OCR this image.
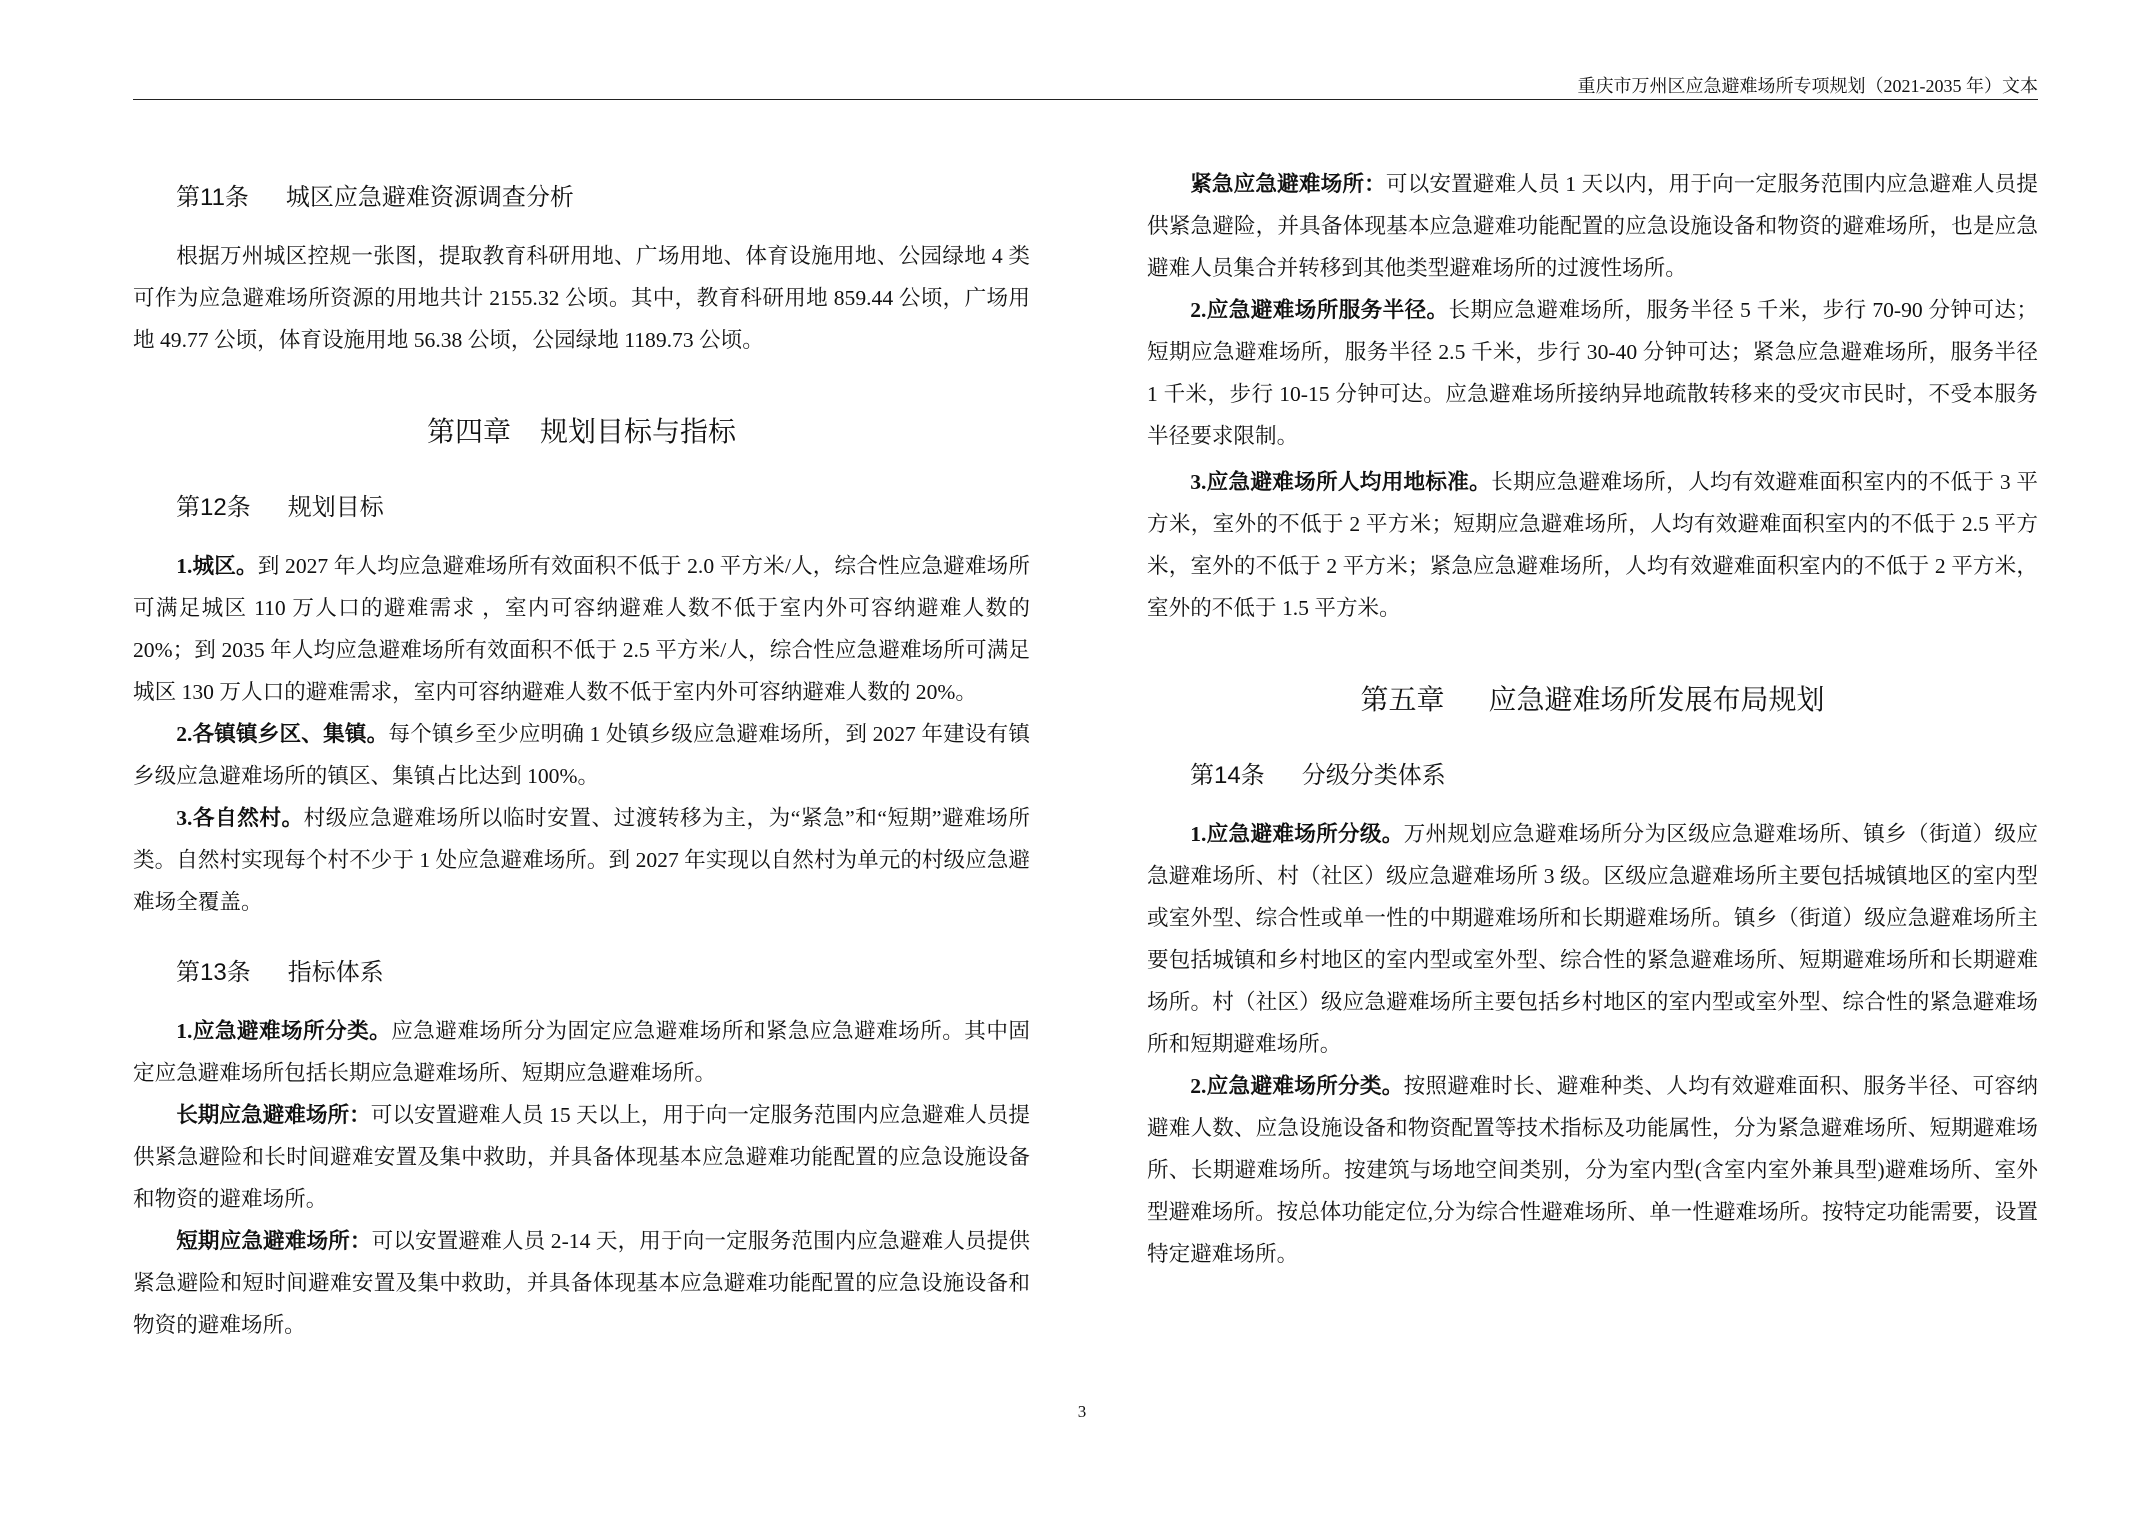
重庆市万州区应急避难场所专项规划（2021-2035 年）文本
第11条 城区应急避难资源调查分析

根据万州城区控规一张图，提取教育科研用地、广场用地、体育设施用地、公园绿地 4 类可作为应急避难场所资源的用地共计 2155.32 公顷。其中，教育科研用地 859.44 公顷，广场用地 49.77 公顷，体育设施用地 56.38 公顷，公园绿地 1189.73 公顷。

第四章 规划目标与指标
第12条 规划目标

1.城区。到 2027 年人均应急避难场所有效面积不低于 2.0 平方米/人，综合性应急避难场所可满足城区 110 万人口的避难需求 ，室内可容纳避难人数不低于室内外可容纳避难人数的 20%；到 2035 年人均应急避难场所有效面积不低于 2.5 平方米/人，综合性应急避难场所可满足城区 130 万人口的避难需求，室内可容纳避难人数不低于室内外可容纳避难人数的 20%。

2.各镇镇乡区、集镇。每个镇乡至少应明确 1 处镇乡级应急避难场所，到 2027 年建设有镇乡级应急避难场所的镇区、集镇占比达到 100%。

3.各自然村。村级应急避难场所以临时安置、过渡转移为主，为“紧急”和“短期”避难场所类。自然村实现每个村不少于 1 处应急避难场所。到 2027 年实现以自然村为单元的村级应急避难场全覆盖。

第13条 指标体系

1.应急避难场所分类。应急避难场所分为固定应急避难场所和紧急应急避难场所。其中固定应急避难场所包括长期应急避难场所、短期应急避难场所。

长期应急避难场所：可以安置避难人员 15 天以上，用于向一定服务范围内应急避难人员提供紧急避险和长时间避难安置及集中救助，并具备体现基本应急避难功能配置的应急设施设备和物资的避难场所。

短期应急避难场所：可以安置避难人员 2-14 天，用于向一定服务范围内应急避难人员提供紧急避险和短时间避难安置及集中救助，并具备体现基本应急避难功能配置的应急设施设备和物资的避难场所。

紧急应急避难场所：可以安置避难人员 1 天以内，用于向一定服务范围内应急避难人员提供紧急避险，并具备体现基本应急避难功能配置的应急设施设备和物资的避难场所，也是应急避难人员集合并转移到其他类型避难场所的过渡性场所。

2.应急避难场所服务半径。长期应急避难场所，服务半径 5 千米，步行 70-90 分钟可达；短期应急避难场所，服务半径 2.5 千米，步行 30-40 分钟可达；紧急应急避难场所，服务半径 1 千米，步行 10-15 分钟可达。应急避难场所接纳异地疏散转移来的受灾市民时，不受本服务半径要求限制。

3.应急避难场所人均用地标准。长期应急避难场所，人均有效避难面积室内的不低于 3 平方米，室外的不低于 2 平方米；短期应急避难场所，人均有效避难面积室内的不低于 2.5 平方米，室外的不低于 2 平方米；紧急应急避难场所，人均有效避难面积室内的不低于 2 平方米，室外的不低于 1.5 平方米。

第五章 应急避难场所发展布局规划
第14条 分级分类体系

1.应急避难场所分级。万州规划应急避难场所分为区级应急避难场所、镇乡（街道）级应急避难场所、村（社区）级应急避难场所 3 级。区级应急避难场所主要包括城镇地区的室内型或室外型、综合性或单一性的中期避难场所和长期避难场所。镇乡（街道）级应急避难场所主要包括城镇和乡村地区的室内型或室外型、综合性的紧急避难场所、短期避难场所和长期避难场所。村（社区）级应急避难场所主要包括乡村地区的室内型或室外型、综合性的紧急避难场所和短期避难场所。

2.应急避难场所分类。按照避难时长、避难种类、人均有效避难面积、服务半径、可容纳避难人数、应急设施设备和物资配置等技术指标及功能属性，分为紧急避难场所、短期避难场所、长期避难场所。按建筑与场地空间类别，分为室内型(含室内室外兼具型)避难场所、室外型避难场所。按总体功能定位,分为综合性避难场所、单一性避难场所。按特定功能需要，设置特定避难场所。

3
